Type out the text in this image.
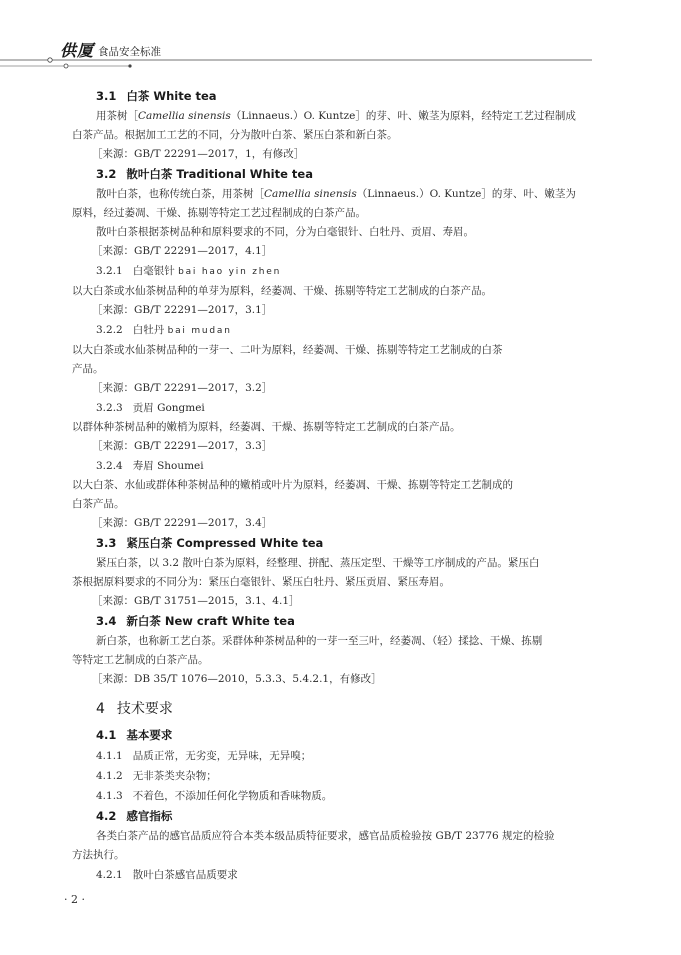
供厦 食品安全标准
3.1 白茶 White tea
用茶树［Camellia sinensis（Linnaeus.）O. Kuntze］的芽、叶、嫩茎为原料，经特定工艺过程制成
白茶产品。根据加工工艺的不同，分为散叶白茶、紧压白茶和新白茶。
［来源：GB/T 22291—2017，1，有修改］
3.2 散叶白茶 Traditional White tea
散叶白茶，也称传统白茶，用茶树［Camellia sinensis（Linnaeus.）O. Kuntze］的芽、叶、嫩茎为
原料，经过萎凋、干燥、拣剔等特定工艺过程制成的白茶产品。
散叶白茶根据茶树品种和原料要求的不同，分为白毫银针、白牡丹、贡眉、寿眉。
［来源：GB/T 22291—2017，4.1］
3.2.1 白毫银针 bai hao yin zhen
以大白茶或水仙茶树品种的单芽为原料，经萎凋、干燥、拣剔等特定工艺制成的白茶产品。
［来源：GB/T 22291—2017，3.1］
3.2.2 白牡丹 bai mudan
以大白茶或水仙茶树品种的一芽一、二叶为原料，经萎凋、干燥、拣剔等特定工艺制成的白茶
产品。
［来源：GB/T 22291—2017，3.2］
3.2.3 贡眉 Gongmei
以群体种茶树品种的嫩梢为原料，经萎凋、干燥、拣剔等特定工艺制成的白茶产品。
［来源：GB/T 22291—2017，3.3］
3.2.4 寿眉 Shoumei
以大白茶、水仙或群体种茶树品种的嫩梢或叶片为原料，经萎凋、干燥、拣剔等特定工艺制成的
白茶产品。
［来源：GB/T 22291—2017，3.4］
3.3 紧压白茶 Compressed White tea
紧压白茶，以 3.2 散叶白茶为原料，经整理、拼配、蒸压定型、干燥等工序制成的产品。紧压白
茶根据原料要求的不同分为：紧压白毫银针、紧压白牡丹、紧压贡眉、紧压寿眉。
［来源：GB/T 31751—2015，3.1、4.1］
3.4 新白茶 New craft White tea
新白茶，也称新工艺白茶。采群体种茶树品种的一芽一至三叶，经萎凋、（轻）揉捻、干燥、拣剔
等特定工艺制成的白茶产品。
［来源：DB 35/T 1076—2010，5.3.3、5.4.2.1，有修改］
4 技术要求
4.1 基本要求
4.1.1 品质正常，无劣变，无异味，无异嗅；
4.1.2 无非茶类夹杂物；
4.1.3 不着色，不添加任何化学物质和香味物质。
4.2 感官指标
各类白茶产品的感官品质应符合本类本级品质特征要求，感官品质检验按 GB/T 23776 规定的检验
方法执行。
4.2.1 散叶白茶感官品质要求
· 2 ·
